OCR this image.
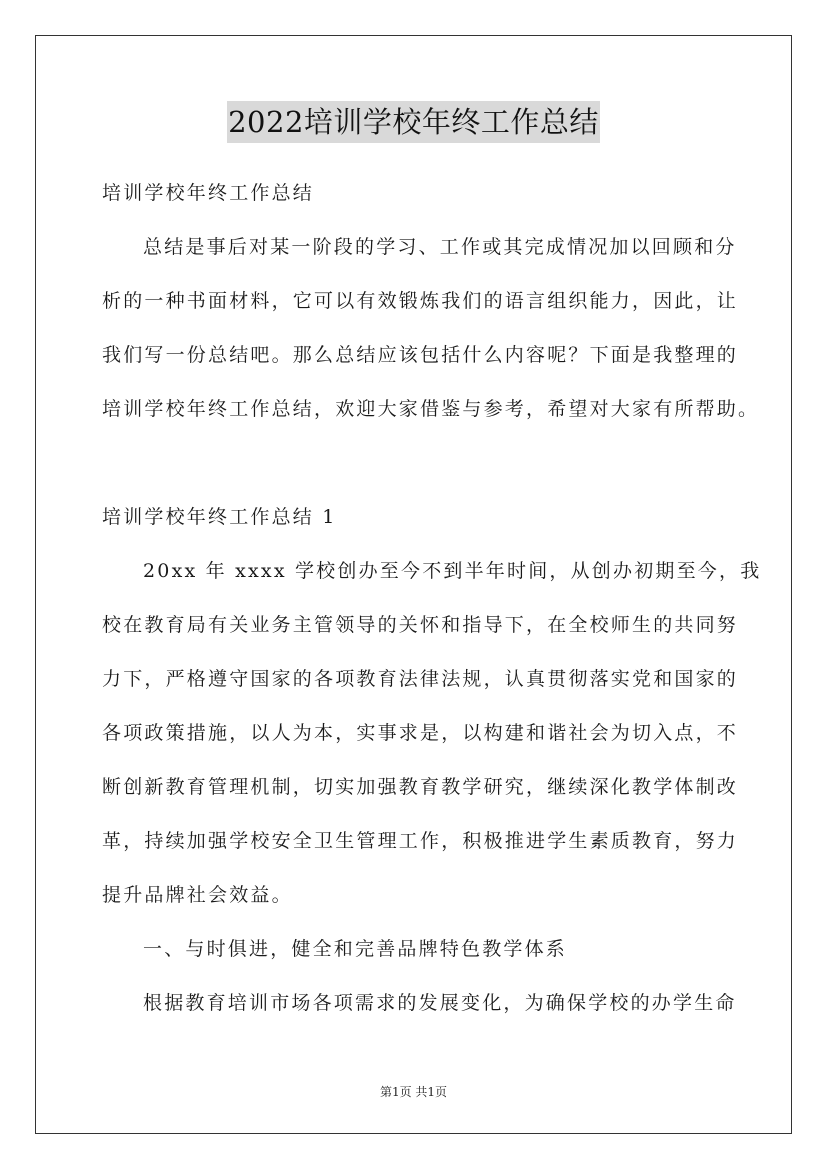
2022培训学校年终工作总结
培训学校年终工作总结
总结是事后对某一阶段的学习、工作或其完成情况加以回顾和分
析的一种书面材料，它可以有效锻炼我们的语言组织能力，因此，让
我们写一份总结吧。那么总结应该包括什么内容呢？下面是我整理的
培训学校年终工作总结，欢迎大家借鉴与参考，希望对大家有所帮助。
培训学校年终工作总结 1
20xx 年 xxxx 学校创办至今不到半年时间，从创办初期至今，我
校在教育局有关业务主管领导的关怀和指导下，在全校师生的共同努
力下，严格遵守国家的各项教育法律法规，认真贯彻落实党和国家的
各项政策措施，以人为本，实事求是，以构建和谐社会为切入点，不
断创新教育管理机制，切实加强教育教学研究，继续深化教学体制改
革，持续加强学校安全卫生管理工作，积极推进学生素质教育，努力
提升品牌社会效益。
一、与时俱进，健全和完善品牌特色教学体系
根据教育培训市场各项需求的发展变化，为确保学校的办学生命
第1页 共1页
